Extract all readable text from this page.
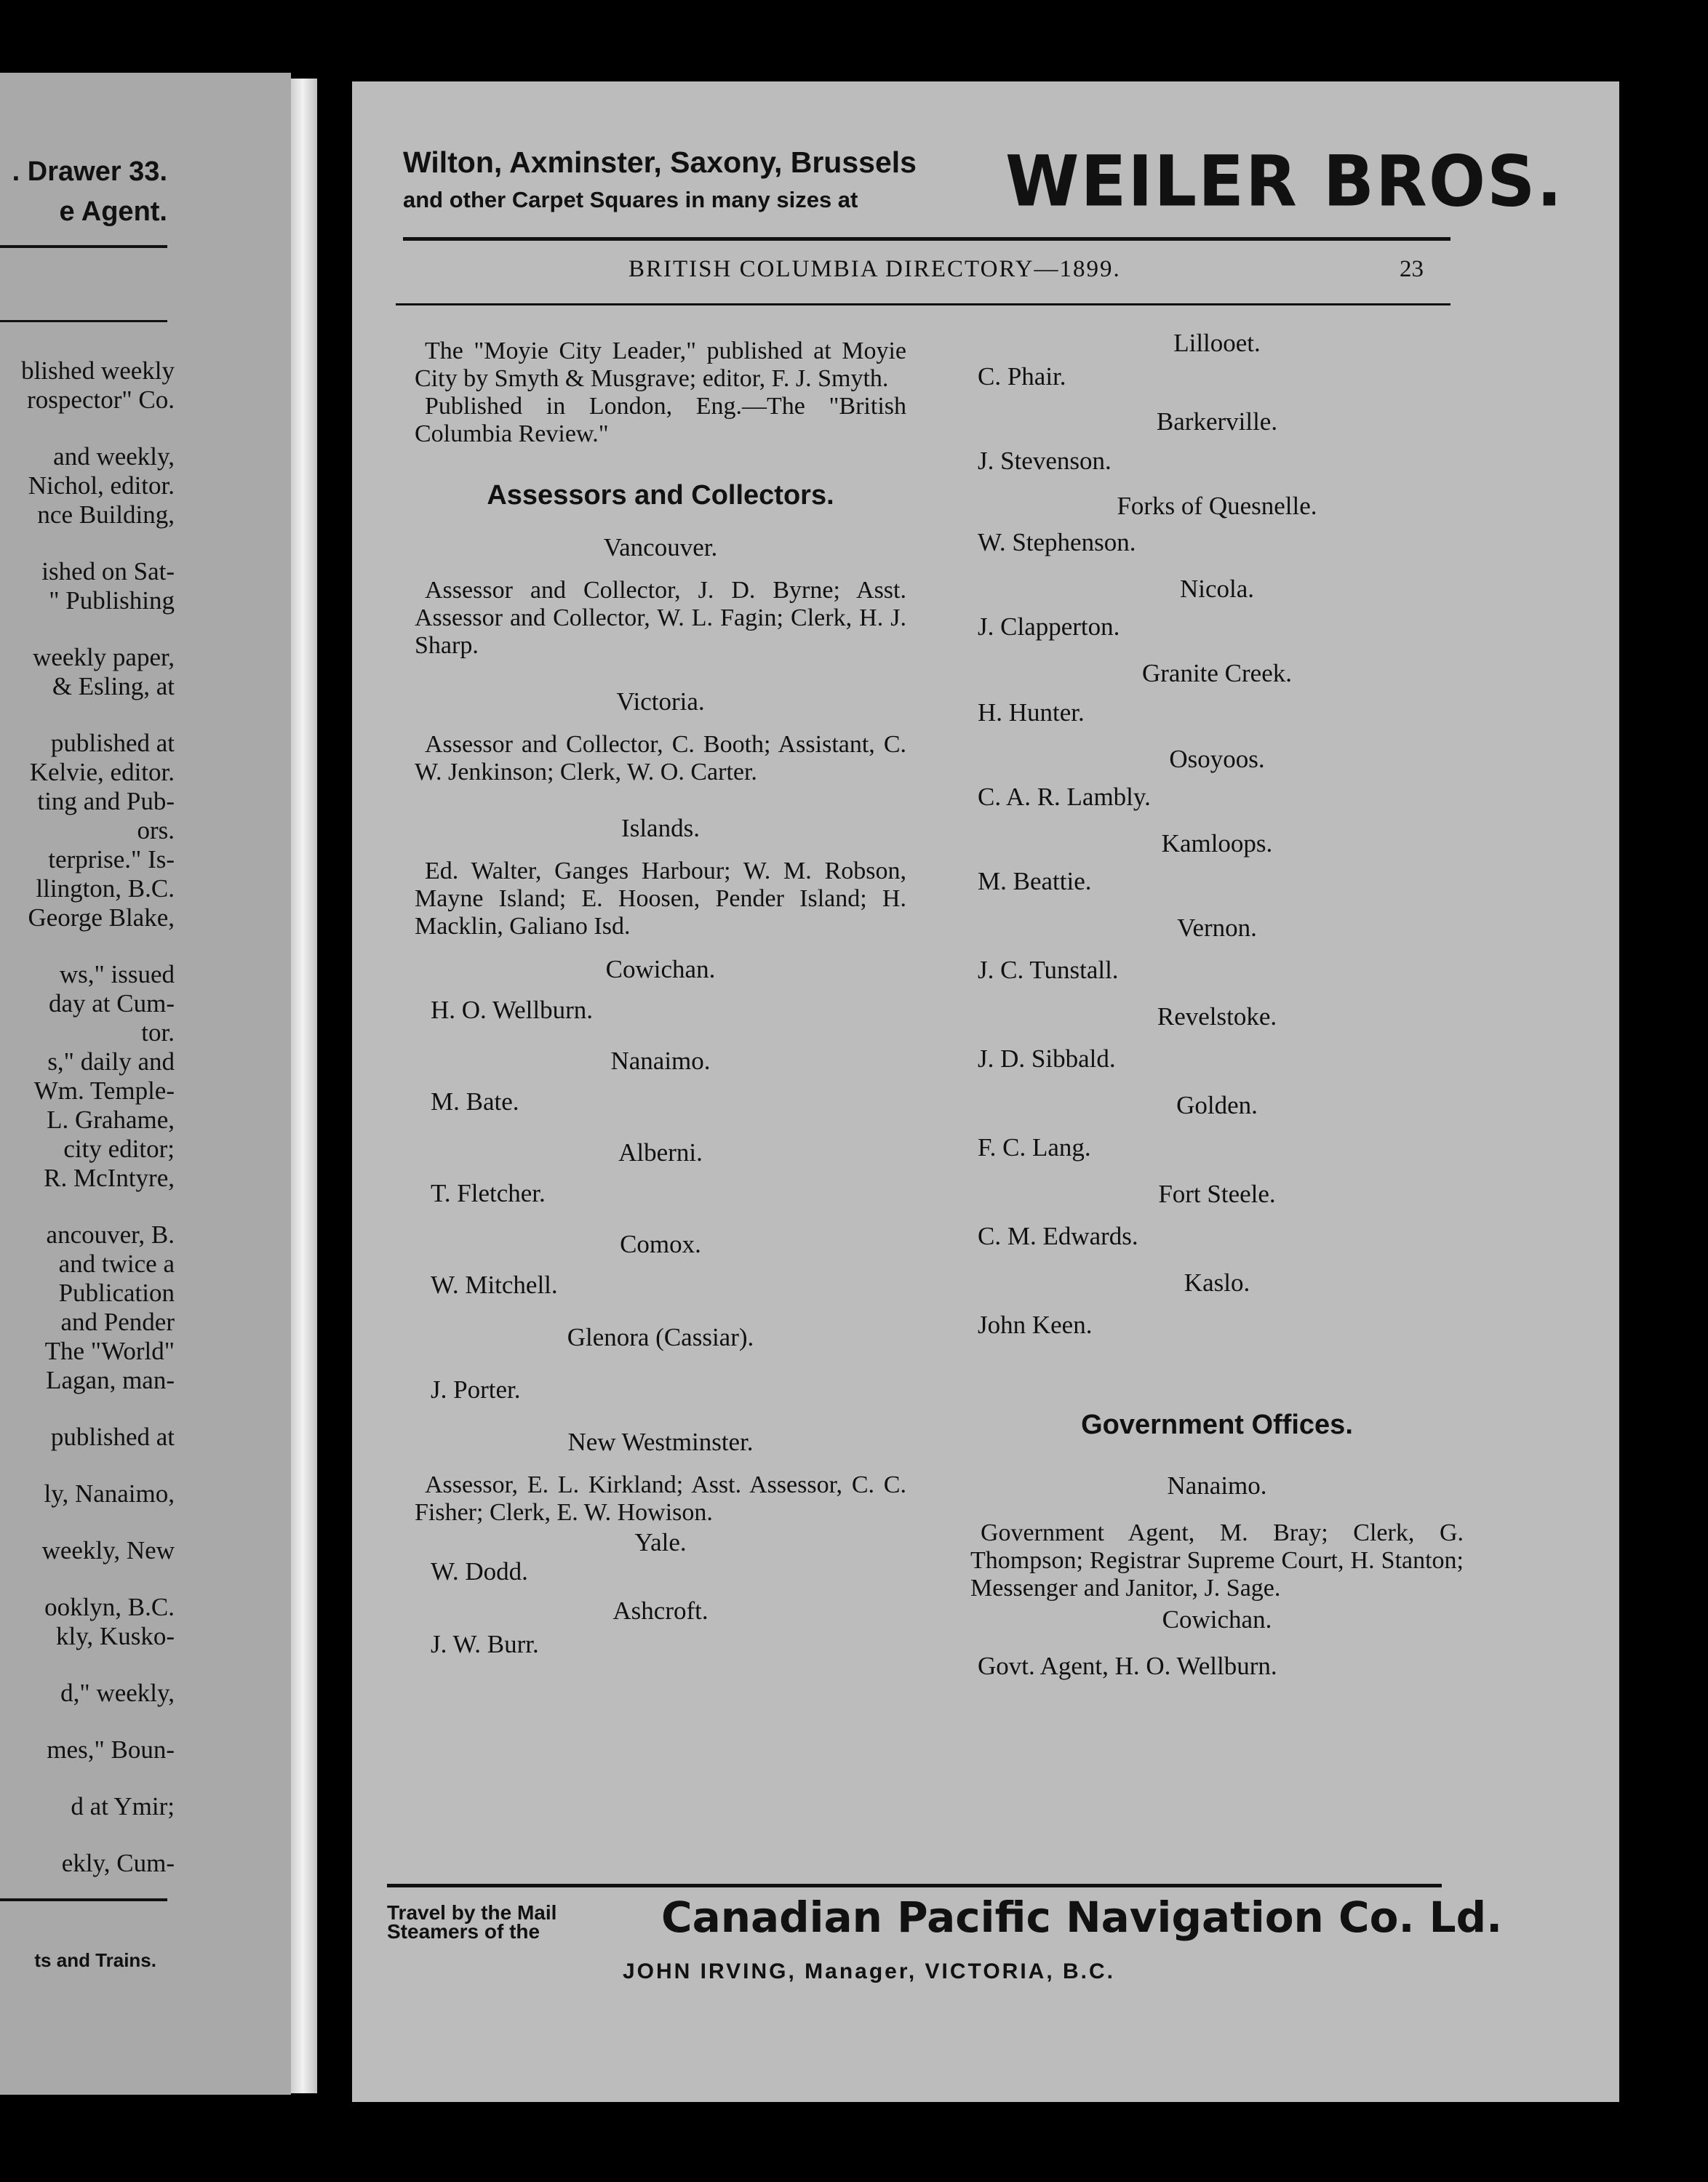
. Drawer 33.
e Agent.
blished weekly
rospector" Co.
and weekly,
Nichol, editor.
nce Building,
ished on Sat-
" Publishing
weekly paper,
& Esling, at
published at
Kelvie, editor.
ting and Pub-
ors.
terprise." Is-
llington, B.C.
George Blake,
ws," issued
day at Cum-
tor.
s," daily and
Wm. Temple-
L. Grahame,
city editor;
R. McIntyre,
ancouver, B.
and twice a
Publication
and Pender
The "World"
Lagan, man-
published at
ly, Nanaimo,
weekly, New
ooklyn, B.C.
kly, Kusko-
d," weekly,
mes," Boun-
d at Ymir;
ekly, Cum-
ts and Trains.
Wilton, Axminster, Saxony, Brussels
and other Carpet Squares in many sizes at	WEILER BROS.
BRITISH COLUMBIA DIRECTORY—1899.	23
The "Moyie City Leader," published at Moyie City by Smyth & Musgrave; editor, F. J. Smyth.
Published in London, Eng.—The "British Columbia Review."
Assessors and Collectors.
Vancouver.
Assessor and Collector, J. D. Byrne; Asst. Assessor and Collector, W. L. Fagin; Clerk, H. J. Sharp.
Victoria.
Assessor and Collector, C. Booth; Assistant, C. W. Jenkinson; Clerk, W. O. Carter.
Islands.
Ed. Walter, Ganges Harbour; W. M. Robson, Mayne Island; E. Hoosen, Pender Island; H. Macklin, Galiano Isd.
Cowichan.
H. O. Wellburn.
Nanaimo.
M. Bate.
Alberni.
T. Fletcher.
Comox.
W. Mitchell.
Glenora (Cassiar).
J. Porter.
New Westminster.
Assessor, E. L. Kirkland; Asst. Assessor, C. C. Fisher; Clerk, E. W. Howison.
Yale.
W. Dodd.
Ashcroft.
J. W. Burr.
Lillooet.
C. Phair.
Barkerville.
J. Stevenson.
Forks of Quesnelle.
W. Stephenson.
Nicola.
J. Clapperton.
Granite Creek.
H. Hunter.
Osoyoos.
C. A. R. Lambly.
Kamloops.
M. Beattie.
Vernon.
J. C. Tunstall.
Revelstoke.
J. D. Sibbald.
Golden.
F. C. Lang.
Fort Steele.
C. M. Edwards.
Kaslo.
John Keen.
Government Offices.
Nanaimo.
Government Agent, M. Bray; Clerk, G. Thompson; Registrar Supreme Court, H. Stanton; Messenger and Janitor, J. Sage.
Cowichan.
Govt. Agent, H. O. Wellburn.
Travel by the Mail
Steamers of the	Canadian Pacific Navigation Co. Ld.
JOHN IRVING, Manager, VICTORIA, B.C.
